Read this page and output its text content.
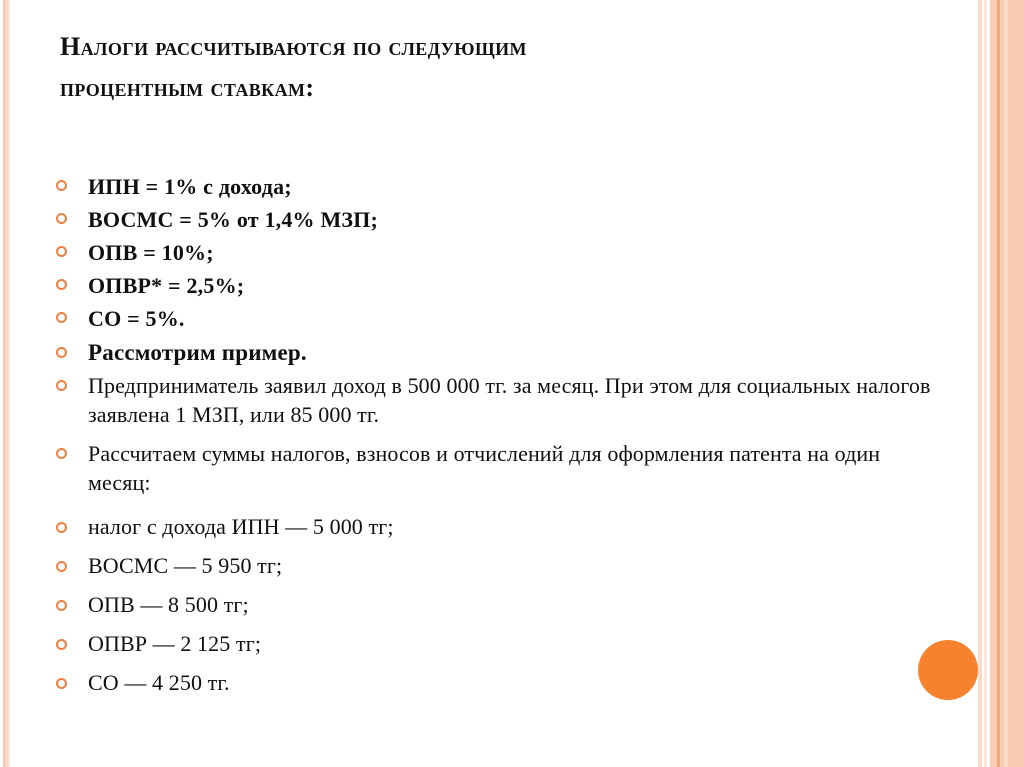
Налоги рассчитываются по следующим
процентным ставкам:
ИПН = 1% с дохода;
ВОСМС = 5% от 1,4% МЗП;
ОПВ = 10%;
ОПВР* = 2,5%;
СО = 5%.
Рассмотрим пример.
Предприниматель заявил доход в 500 000 тг. за месяц. При этом для социальных налогов заявлена 1 МЗП, или 85 000 тг.
Рассчитаем суммы налогов, взносов и отчислений для оформления патента на один месяц:
налог с дохода ИПН — 5 000 тг;
ВОСМС — 5 950 тг;
ОПВ — 8 500 тг;
ОПВР — 2 125 тг;
СО — 4 250 тг.
